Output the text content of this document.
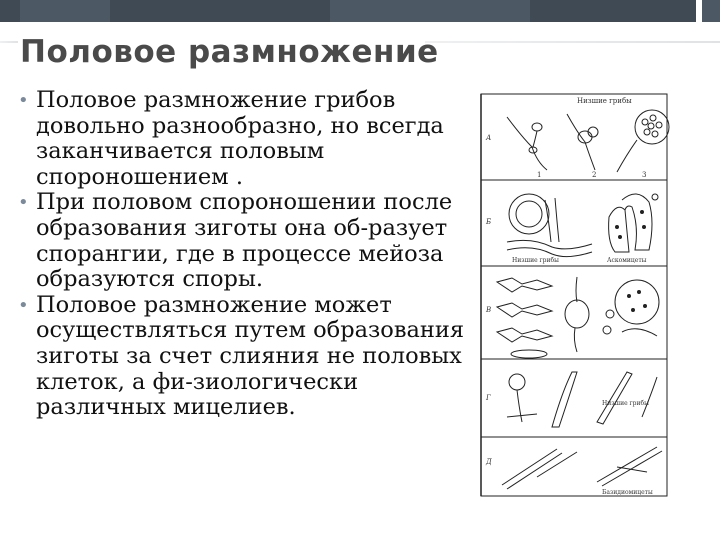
Половое размножение
• Половое размножение грибов довольно разнообразно, но всегда заканчивается половым спороношением .
• При половом спороношении после образования зиготы она об-разует спорангии, где в процессе мейоза образуются споры.
• Половое размножение может осуществляться путем образования зиготы за счет слияния не половых клеток, а фи-зиологически различных мицелиев.
Низшие грибы
А
Б
В
Г
Д
1	2	3
Низшие грибы	Аскомицеты
Низшие грибы
Базидиомицеты
